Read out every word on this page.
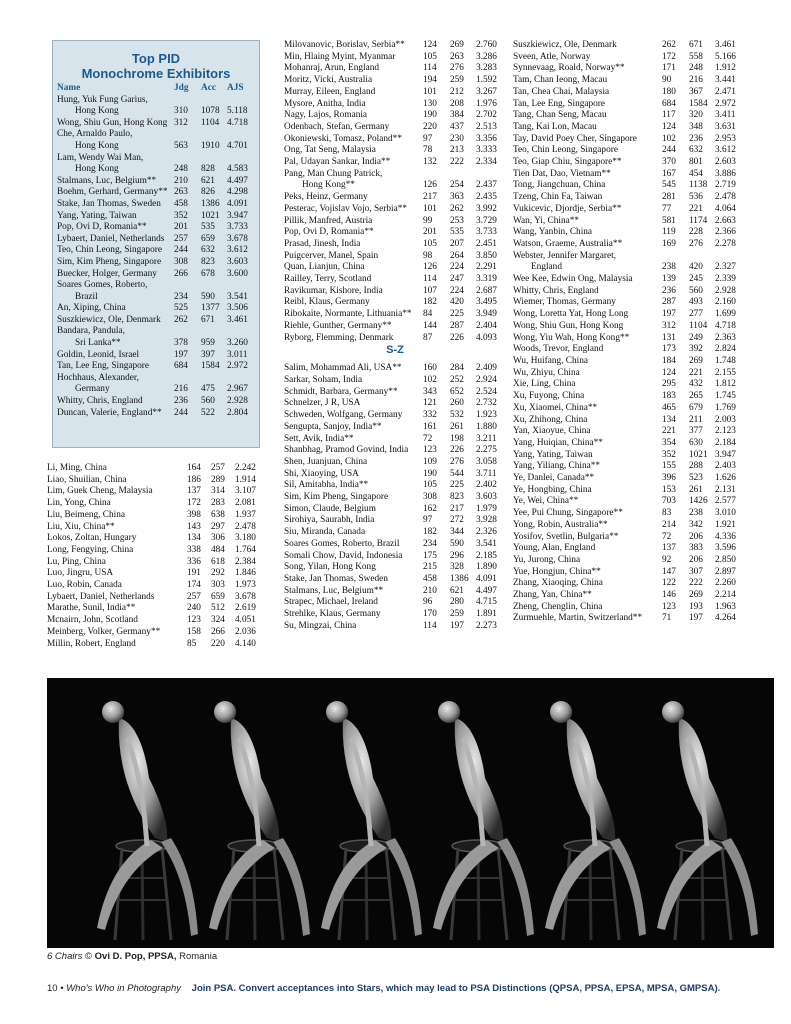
Top PID
Monochrome Exhibitors
Name	Jdg	Acc	AJS
Hung, Yuk Fung Garius,
Hong Kong	310	1078 5.118
Wong, Shiu Gun, Hong Kong 312	1104 4.718
Che, Arnaldo Paulo,
Hong Kong	563	1910 4.701
Lam, Wendy Wai Man,
Hong Kong	248	828	4.583
Stalmans, Luc, Belgium**	210	621	4.497
Boehm, Gerhard, Germany** 263	826	4.298
Stake, Jan Thomas, Sweden	458	1386 4.091
Yang, Yating, Taiwan	352	1021 3.947
Pop, Ovi D, Romania**	201	535	3.733
Lybaert, Daniel, Netherlands	257	659	3.678
Teo, Chin Leong, Singapore	244	632	3.612
Sim, Kim Pheng, Singapore	308	823	3.603
Buecker, Holger, Germany	266	678	3.600
Soares Gomes, Roberto,
Brazil	234	590	3.541
An, Xiping, China	525	1377 3.506
Suszkiewicz, Ole, Denmark	262	671	3.461
Bandara, Pandula,
Sri Lanka**	378	959	3.260
Goldin, Leonid, Israel	197	397	3.011
Tan, Lee Eng, Singapore	684	1584 2.972
Hochhaus, Alexander,
Germany	216	475	2.967
Whitty, Chris, England	236	560	2.928
Duncan, Valerie, England**	244	522	2.804
Li, Ming, China	164	257	2.242
Liao, Shuilian, China	186	289	1.914
Lim, Guek Cheng, Malaysia	137	314	3.107
Lin, Yong, China	172	283	2.081
Liu, Beimeng, China	398	638	1.937
Liu, Xiu, China**	143	297	2.478
Lokos, Zoltan, Hungary	134	306	3.180
Long, Fengying, China	338	484	1.764
Lu, Ping, China	336	618	2.384
Luo, Jingru, USA	191	292	1.846
Luo, Robin, Canada	174	303	1.973
Lybaert, Daniel, Netherlands	257	659	3.678
Marathe, Sunil, India**	240	512	2.619
Mcnairn, John, Scotland	123	324	4.051
Meinberg, Volker, Germany**	158	266	2.036
Millin, Robert, England	85	220	4.140
Milovanovic, Borislav, Serbia**	124	269	2.760
Min, Hlaing Myint, Myanmar	105	263	3.286
Mohanraj, Arun, England	114	276	3.283
Moritz, Vicki, Australia	194	259	1.592
Murray, Eileen, England	101	212	3.267
Mysore, Anitha, India	130	208	1.976
Nagy, Lajos, Romania	190	384	2.702
Odenbach, Stefan, Germany	220	437	2.513
Okoniewski, Tomasz, Poland**	97	230	3.356
Ong, Tat Seng, Malaysia	78	213	3.333
Pal, Udayan Sankar, India**	132	222	2.334
Pang, Man Chung Patrick,
Hong Kong**	126	254	2.437
Peks, Heinz, Germany	217	363	2.435
Pesterac, Vojislav Vojo, Serbia**	101	262	3.992
Pillik, Manfred, Austria	99	253	3.729
Pop, Ovi D, Romania**	201	535	3.733
Prasad, Jinesh, India	105	207	2.451
Puigcerver, Manel, Spain	98	264	3.850
Quan, Lianjun, China	126	224	2.291
Railley, Terry, Scotland	114	247	3.319
Ravikumar, Kishore, India	107	224	2.687
Reibl, Klaus, Germany	182	420	3.495
Ribokaite, Normante, Lithuania**	84	225	3.949
Riehle, Gunther, Germany**	144	287	2.404
Ryborg, Flemming, Denmark	87	226	4.093
S-Z
Salim, Mohammad Ali, USA**	160	284	2.409
Sarkar, Soham, India	102	252	2.924
Schmidt, Barbara, Germany**	343	652	2.524
Schnelzer, J R, USA	121	260	2.732
Schweden, Wolfgang, Germany	332	532	1.923
Sengupta, Sanjoy, India**	161	261	1.880
Sett, Avik, India**	72	198	3.211
Shanbhag, Pramod Govind, India	123	226	2.275
Shen, Juanjuan, China	109	276	3.058
Shi, Xiaoying, USA	190	544	3.711
Sil, Amitabha, India**	105	225	2.402
Sim, Kim Pheng, Singapore	308	823	3.603
Simon, Claude, Belgium	162	217	1.979
Sirohiya, Saurabh, India	97	272	3.928
Siu, Miranda, Canada	182	344	2.326
Soares Gomes, Roberto, Brazil	234	590	3.541
Somali Chow, David, Indonesia	175	296	2.185
Song, Yilan, Hong Kong	215	328	1.890
Stake, Jan Thomas, Sweden	458	1386 4.091
Stalmans, Luc, Belgium**	210	621	4.497
Strapec, Michael, Ireland	96	280	4.715
Strehlke, Klaus, Germany	170	259	1.891
Su, Mingzai, China	114	197	2.273
Suszkiewicz, Ole, Denmark	262	671	3.461
Sveen, Atle, Norway	172	558	5.166
Synnevaag, Roald, Norway**	171	248	1.912
Tam, Chan Ieong, Macau	90	216	3.441
Tan, Chea Chai, Malaysia	180	367	2.471
Tan, Lee Eng, Singapore	684	1584 2.972
Tang, Chan Seng, Macau	117	320	3.411
Tang, Kai Lon, Macau	124	348	3.631
Tay, David Poey Cher, Singapore	102	236	2.953
Teo, Chin Leong, Singapore	244	632	3.612
Teo, Giap Chiu, Singapore**	370	801	2.603
Tien Dat, Dao, Vietnam**	167	454	3.886
Tong, Jiangchuan, China	545	1138 2.719
Tzeng, Chin Fa, Taiwan	281	536	2.478
Vukicevic, Djordje, Serbia**	77	221	4.064
Wan, Yi, China**	581	1174 2.663
Wang, Yanbin, China	119	228	2.366
Watson, Graeme, Australia**	169	276	2.278
Webster, Jennifer Margaret,
England	238	420	2.327
Wee Kee, Edwin Ong, Malaysia	139	245	2.339
Whitty, Chris, England	236	560	2.928
Wiemer, Thomas, Germany	287	493	2.160
Wong, Loretta Yat, Hong Long	197	277	1.699
Wong, Shiu Gun, Hong Kong	312	1104 4.718
Wong, Yiu Wah, Hong Kong**	131	249	2.363
Woods, Trevor, England	173	392	2.824
Wu, Huifang, China	184	269	1.748
Wu, Zhiyu, China	124	221	2.155
Xie, Ling, China	295	432	1.812
Xu, Fuyong, China	183	265	1.745
Xu, Xiaomei, China**	465	679	1.769
Xu, Zhihong, China	134	211	2.003
Yan, Xiaoyue, China	221	377	2.123
Yang, Huiqian, China**	354	630	2.184
Yang, Yating, Taiwan	352	1021 3.947
Yang, Yiliang, China**	155	288	2.403
Ye, Danlei, Canada**	396	523	1.626
Ye, Hongbing, China	153	261	2.131
Ye, Wei, China**	703	1426 2.577
Yee, Pui Chung, Singapore**	83	238	3.010
Yong, Robin, Australia**	214	342	1.921
Yosifov, Svetlin, Bulgaria**	72	206	4.336
Young, Alan, England	137	383	3.596
Yu, Jurong, China	92	206	2.850
Yue, Hongjun, China**	147	307	2.897
Zhang, Xiaoqing, China	122	222	2.260
Zhang, Yan, China**	146	269	2.214
Zheng, Chenglin, China	123	193	1.963
Zurmuehle, Martin, Switzerland**	71	197	4.264
6 Chairs © Ovi D. Pop, PPSA, Romania
10 • Who's Who in Photography Join PSA. Convert acceptances into Stars, which may lead to PSA Distinctions (QPSA, PPSA, EPSA, MPSA, GMPSA).
